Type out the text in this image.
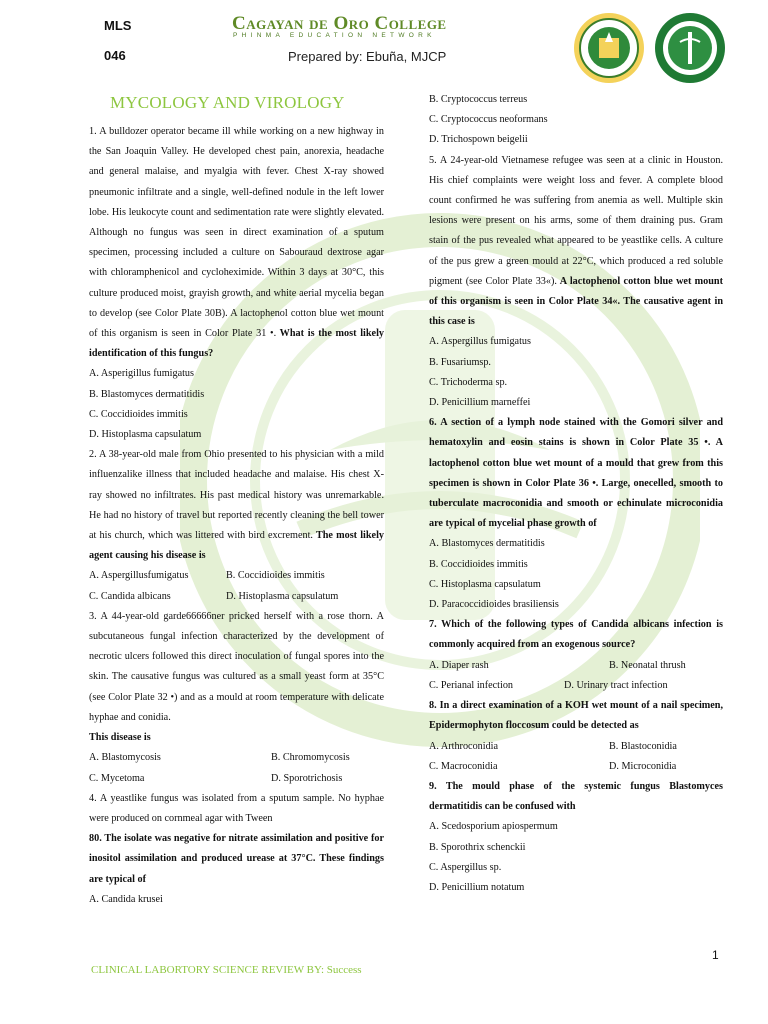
MLS
046
Cagayan de Oro College
PHINMA EDUCATION NETWORK
Prepared by: Ebuña, MJCP
MYCOLOGY AND VIROLOGY

1. A bulldozer operator became ill while working on a new highway in the San Joaquin Valley. He developed chest pain, anorexia, headache and general malaise, and myalgia with fever. Chest X-ray showed pneumonic infiltrate and a single, well-defined nodule in the left lower lobe. His leukocyte count and sedimentation rate were slightly elevated. Although no fungus was seen in direct examination of a sputum specimen, processing included a culture on Sabouraud dextrose agar with chloramphenicol and cycloheximide. Within 3 days at 30°C, this culture produced moist, grayish growth, and white aerial mycelia began to develop (see Color Plate 30B). A lactophenol cotton blue wet mount of this organism is seen in Color Plate 31 •. What is the most likely identification of this fungus?

A. Asperigillus fumigatus
B. Blastomyces dermatitidis
C. Coccidioides immitis
D. Histoplasma capsulatum

2. A 38-year-old male from Ohio presented to his physician with a mild influenzalike illness that included headache and malaise. His chest X-ray showed no infiltrates. His past medical history was unremarkable. He had no history of travel but reported recently cleaning the bell tower at his church, which was littered with bird excrement. The most likely agent causing his disease is

A. Aspergillusfumigatus	B. Coccidioides immitis
C. Candida albicans	D. Histoplasma capsulatum

3. A 44-year-old garde66666ner pricked herself with a rose thorn. A subcutaneous fungal infection characterized by the development of necrotic ulcers followed this direct inoculation of fungal spores into the skin. The causative fungus was cultured as a small yeast form at 35°C (see Color Plate 32 •) and as a mould at room temperature with delicate hyphae and conidia.

This disease is
A. Blastomycosis	B. Chromomycosis
C. Mycetoma	D. Sporotrichosis

4. A yeastlike fungus was isolated from a sputum sample. No hyphae were produced on cornmeal agar with Tween

80. The isolate was negative for nitrate assimilation and positive for inositol assimilation and produced urease at 37°C. These findings are typical of

A. Candida krusei
B. Cryptococcus terreus
C. Cryptococcus neoformans
D. Trichospown beigelii

5. A 24-year-old Vietnamese refugee was seen at a clinic in Houston. His chief complaints were weight loss and fever. A complete blood count confirmed he was suffering from anemia as well. Multiple skin lesions were present on his arms, some of them draining pus. Gram stain of the pus revealed what appeared to be yeastlike cells. A culture of the pus grew a green mould at 22°C, which produced a red soluble pigment (see Color Plate 33«). A lactophenol cotton blue wet mount of this organism is seen in Color Plate 34«. The causative agent in this case is

A. Aspergillus fumigatus
B. Fusariumsp.
C. Trichoderma sp.
D. Penicillium marneffei

6. A section of a lymph node stained with the Gomori silver and hematoxylin and eosin stains is shown in Color Plate 35 •. A lactophenol cotton blue wet mount of a mould that grew from this specimen is shown in Color Plate 36 •. Large, onecelled, smooth to tuberculate macroconidia and smooth or echinulate microconidia are typical of mycelial phase growth of

A. Blastomyces dermatitidis
B. Coccidioides immitis
C. Histoplasma capsulatum
D. Paracoccidioides brasiliensis

7. Which of the following types of Candida albicans infection is commonly acquired from an exogenous source?

A. Diaper rash	B. Neonatal thrush
C. Perianal infection	D. Urinary tract infection

8. In a direct examination of a KOH wet mount of a nail specimen, Epidermophyton floccosum could be detected as

A. Arthroconidia	B. Blastoconidia
C. Macroconidia	D. Microconidia

9. The mould phase of the systemic fungus Blastomyces dermatitidis can be confused with

A. Scedosporium apiospermum
B. Sporothrix schenckii
C. Aspergillus sp.
D. Penicillium notatum
1
CLINICAL LABORTORY SCIENCE REVIEW BY: Success
